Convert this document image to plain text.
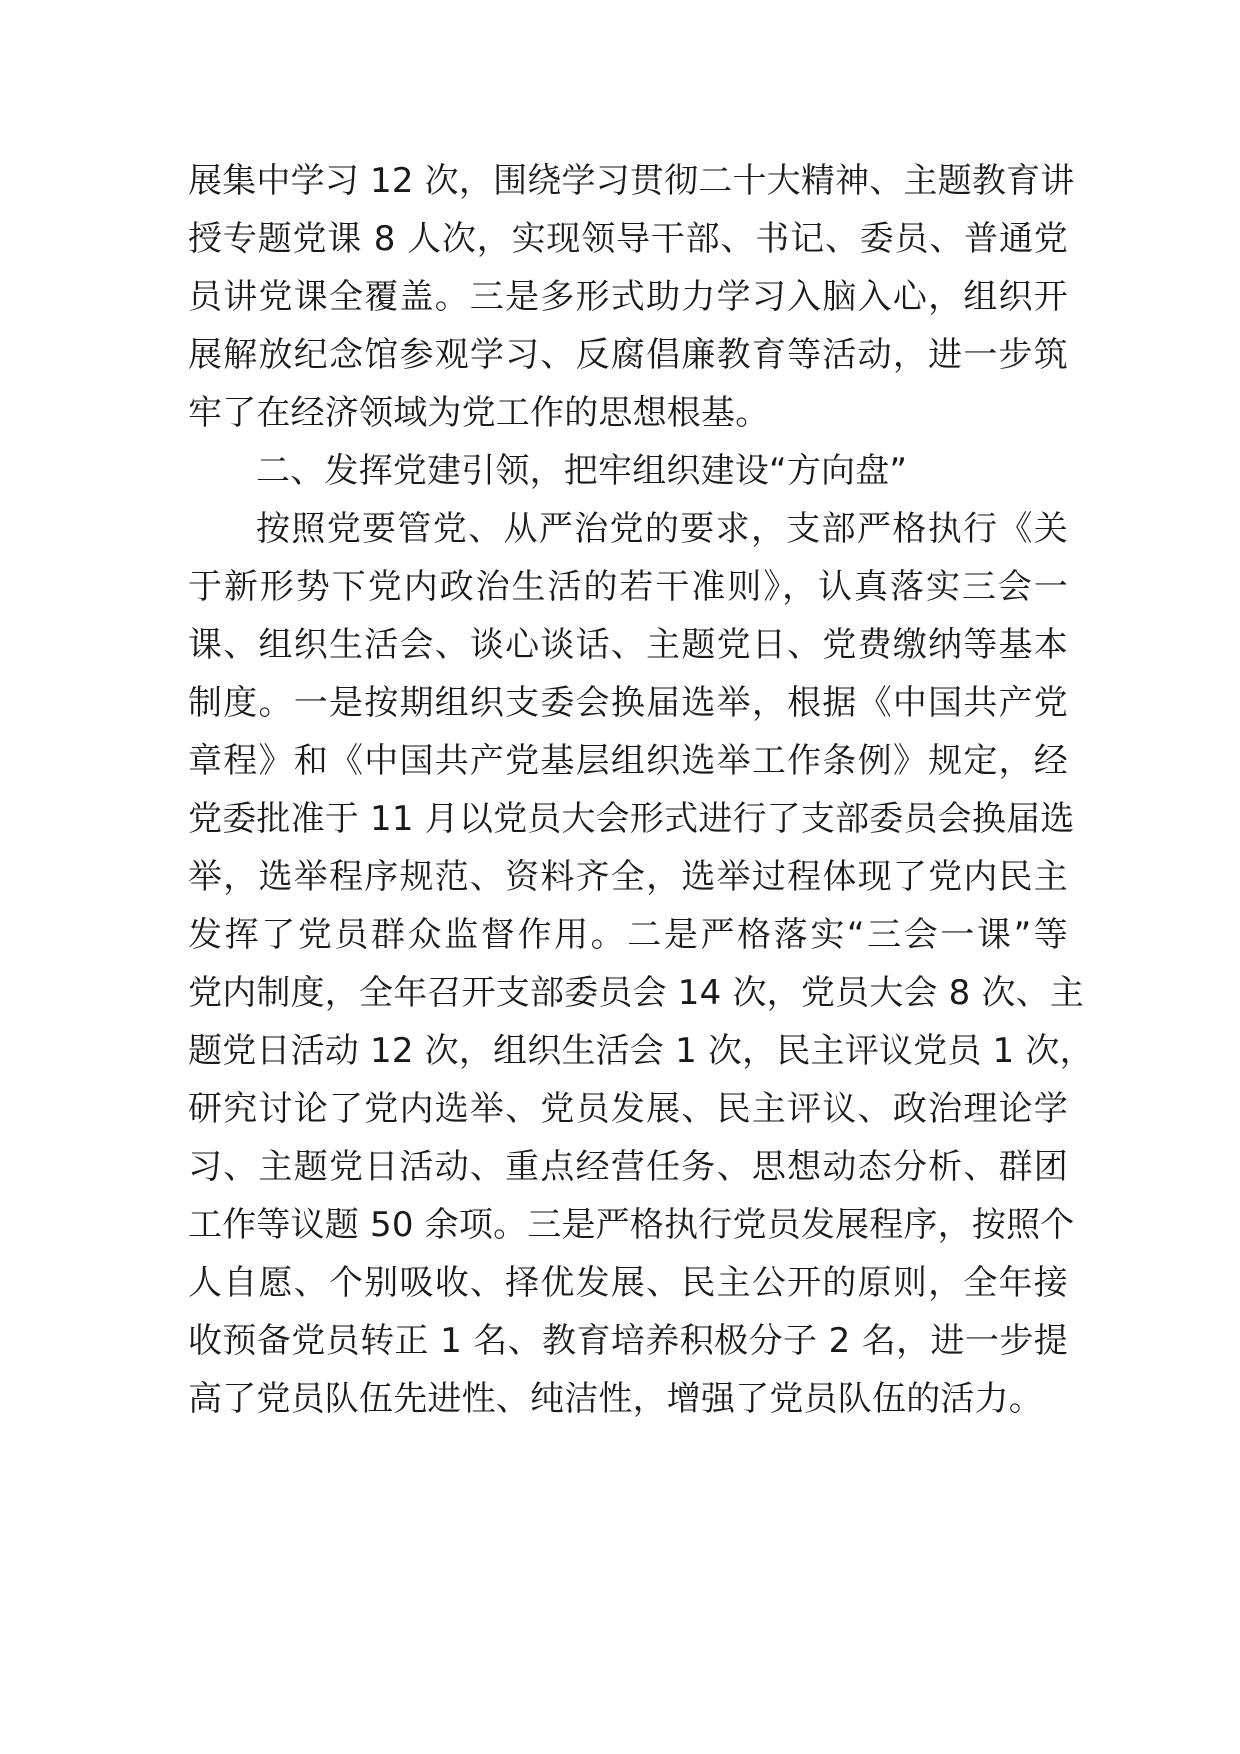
展集中学习 12 次，围绕学习贯彻二十大精神、主题教育讲
授专题党课 8 人次，实现领导干部、书记、委员、普通党
员讲党课全覆盖。三是多形式助力学习入脑入心，组织开
展解放纪念馆参观学习、反腐倡廉教育等活动，进一步筑
牢了在经济领域为党工作的思想根基。
二、发挥党建引领，把牢组织建设“方向盘”
按照党要管党、从严治党的要求，支部严格执行《关
于新形势下党内政治生活的若干准则》，认真落实三会一
课、组织生活会、谈心谈话、主题党日、党费缴纳等基本
制度。一是按期组织支委会换届选举，根据《中国共产党
章程》和《中国共产党基层组织选举工作条例》规定，经
党委批准于 11 月以党员大会形式进行了支部委员会换届选
举，选举程序规范、资料齐全，选举过程体现了党内民主
发挥了党员群众监督作用。二是严格落实“三会一课”等
党内制度，全年召开支部委员会 14 次，党员大会 8 次、主
题党日活动 12 次，组织生活会 1 次，民主评议党员 1 次，
研究讨论了党内选举、党员发展、民主评议、政治理论学
习、主题党日活动、重点经营任务、思想动态分析、群团
工作等议题 50 余项。三是严格执行党员发展程序，按照个
人自愿、个别吸收、择优发展、民主公开的原则，全年接
收预备党员转正 1 名、教育培养积极分子 2 名，进一步提
高了党员队伍先进性、纯洁性，增强了党员队伍的活力。
